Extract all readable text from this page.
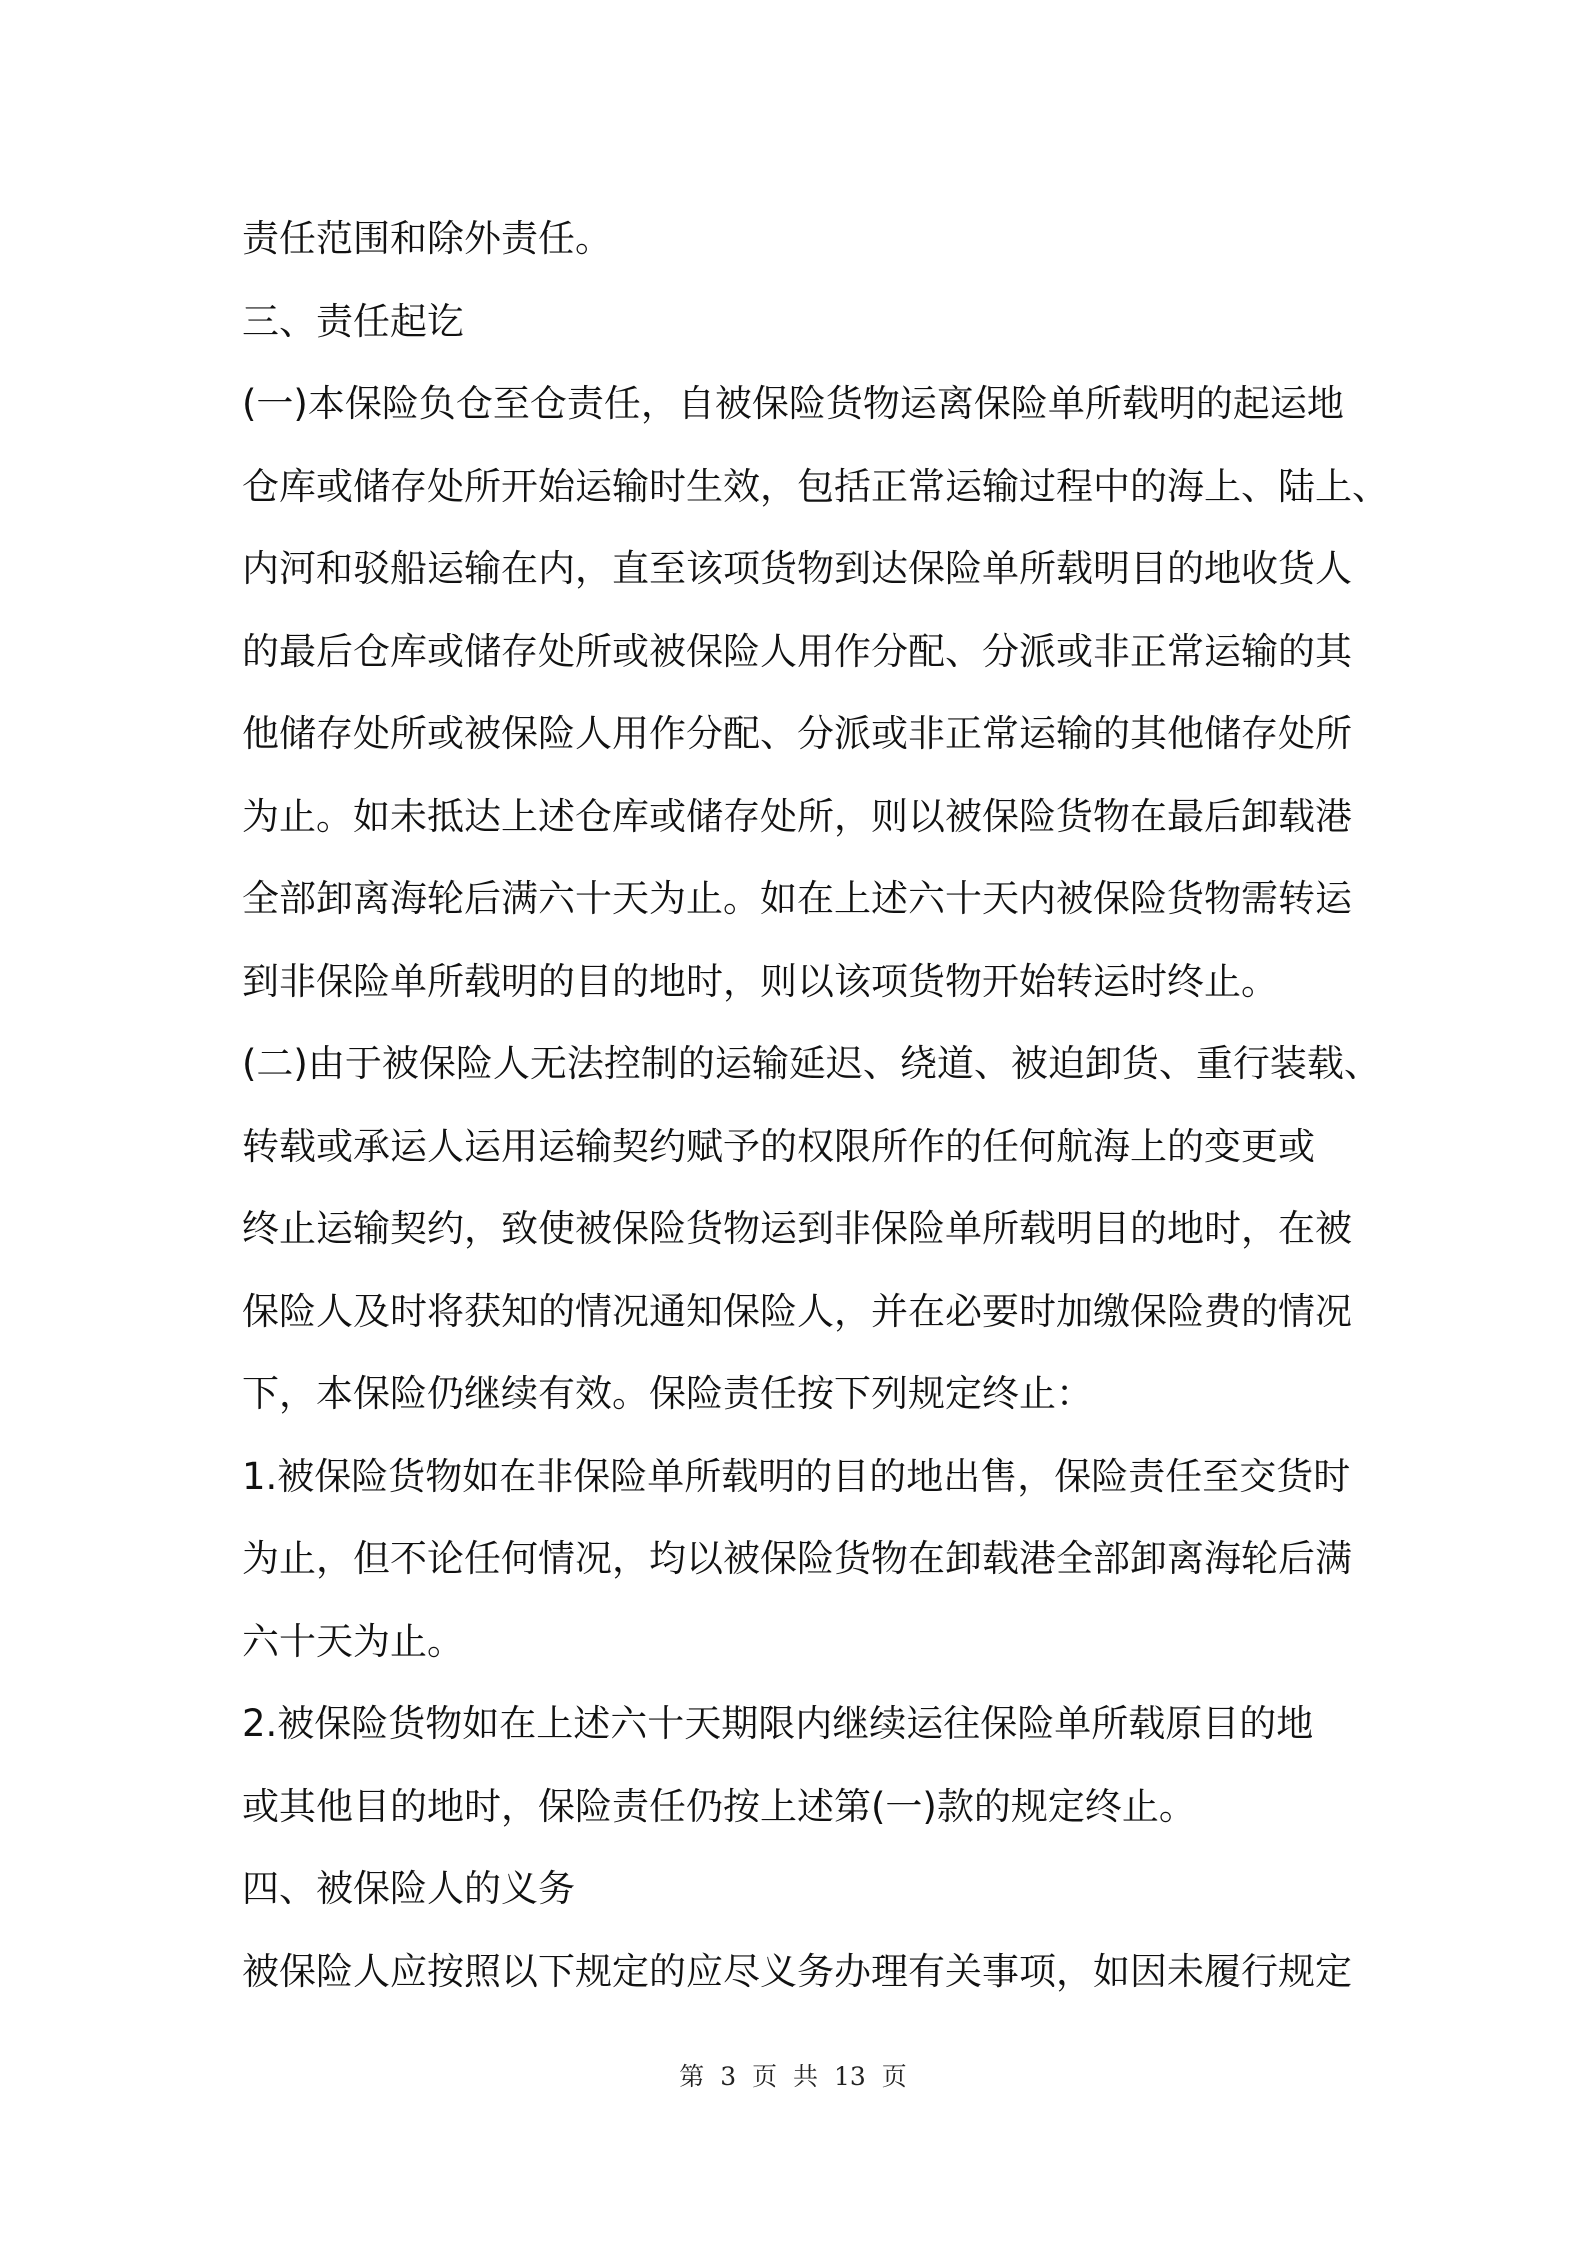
责任范围和除外责任。
三、责任起讫
(一)本保险负仓至仓责任，自被保险货物运离保险单所载明的起运地
仓库或储存处所开始运输时生效，包括正常运输过程中的海上、陆上、
内河和驳船运输在内，直至该项货物到达保险单所载明目的地收货人
的最后仓库或储存处所或被保险人用作分配、分派或非正常运输的其
他储存处所或被保险人用作分配、分派或非正常运输的其他储存处所
为止。如未抵达上述仓库或储存处所，则以被保险货物在最后卸载港
全部卸离海轮后满六十天为止。如在上述六十天内被保险货物需转运
到非保险单所载明的目的地时，则以该项货物开始转运时终止。
(二)由于被保险人无法控制的运输延迟、绕道、被迫卸货、重行装载、
转载或承运人运用运输契约赋予的权限所作的任何航海上的变更或
终止运输契约，致使被保险货物运到非保险单所载明目的地时，在被
保险人及时将获知的情况通知保险人，并在必要时加缴保险费的情况
下，本保险仍继续有效。保险责任按下列规定终止：
1.被保险货物如在非保险单所载明的目的地出售，保险责任至交货时
为止，但不论任何情况，均以被保险货物在卸载港全部卸离海轮后满
六十天为止。
2.被保险货物如在上述六十天期限内继续运往保险单所载原目的地
或其他目的地时，保险责任仍按上述第(一)款的规定终止。
四、被保险人的义务
被保险人应按照以下规定的应尽义务办理有关事项，如因未履行规定
第 3 页 共 13 页
